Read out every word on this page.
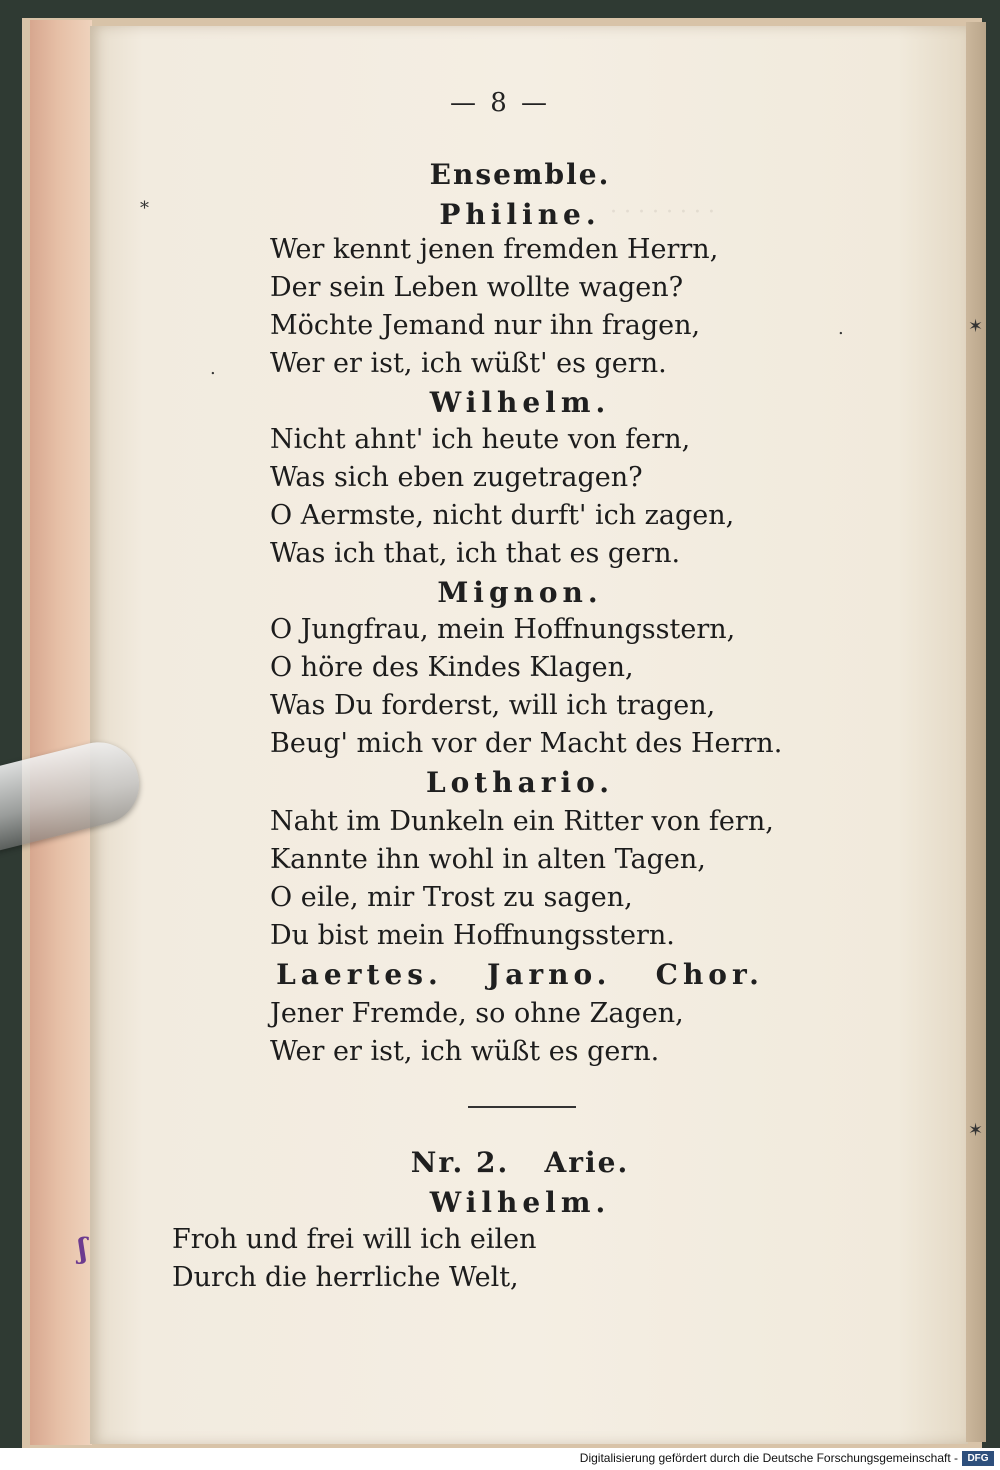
· · · · · · · ·
*
.
.	✶
✶
— 8 —
Ensemble.
Philine.
Wer kennt jenen fremden Herrn,
Der sein Leben wollte wagen?
Möchte Jemand nur ihn fragen,
Wer er ist, ich wüßt' es gern.
Wilhelm.
Nicht ahnt' ich heute von fern,
Was sich eben zugetragen?
O Aermste, nicht durft' ich zagen,
Was ich that, ich that es gern.
Mignon.
O Jungfrau, mein Hoffnungsstern,
O höre des Kindes Klagen,
Was Du forderst, will ich tragen,
Beug' mich vor der Macht des Herrn.
Lothario.
Naht im Dunkeln ein Ritter von fern,
Kannte ihn wohl in alten Tagen,
O eile, mir Trost zu sagen,
Du bist mein Hoffnungsstern.
Laertes.   Jarno.   Chor.
Jener Fremde, so ohne Zagen,
Wer er ist, ich wüßt es gern.
Nr. 2.   Arie.
Wilhelm.
Froh und frei will ich eilen
Durch die herrliche Welt,
ʃ
Digitalisierung gefördert durch die Deutsche Forschungsgemeinschaft - DFG
